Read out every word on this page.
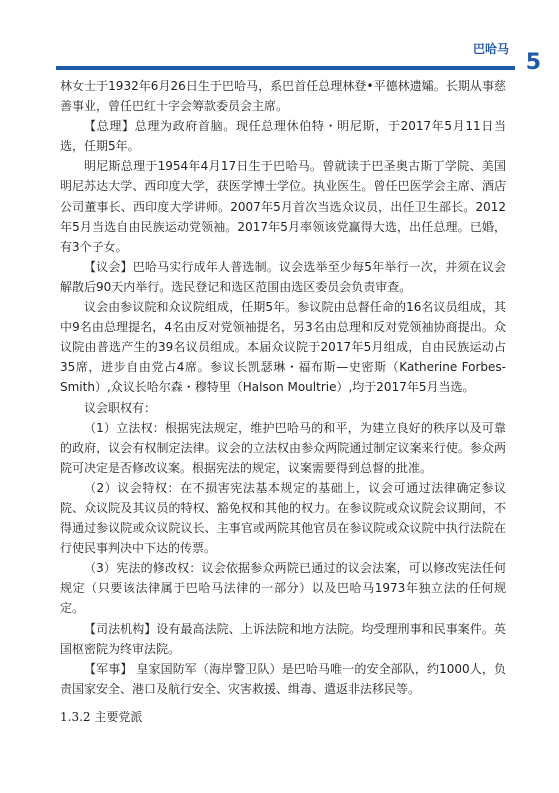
巴哈马
5

林女士于1932年6月26日生于巴哈马，系巴首任总理林登•平德林遗孀。长期从事慈善事业，曾任巴红十字会筹款委员会主席。

【总理】总理为政府首脑。现任总理休伯特・明尼斯，于2017年5月11日当选，任期5年。

明尼斯总理于1954年4月17日生于巴哈马。曾就读于巴圣奥古斯丁学院、美国明尼苏达大学、西印度大学，获医学博士学位。执业医生。曾任巴医学会主席、酒店公司董事长、西印度大学讲师。2007年5月首次当选众议员，出任卫生部长。2012年5月当选自由民族运动党领袖。2017年5月率领该党赢得大选，出任总理。已婚，有3个子女。

【议会】巴哈马实行成年人普选制。议会选举至少每5年举行一次，并须在议会解散后90天内举行。选民登记和选区范围由选区委员会负责审查。

议会由参议院和众议院组成，任期5年。参议院由总督任命的16名议员组成，其中9名由总理提名，4名由反对党领袖提名，另3名由总理和反对党领袖协商提出。众议院由普选产生的39名议员组成。本届众议院于2017年5月组成，自由民族运动占35席，进步自由党占4席。参议长凯瑟琳・福布斯—史密斯（Katherine Forbes-Smith）,众议长哈尔森・穆特里（Halson Moultrie）,均于2017年5月当选。

议会职权有：

（1）立法权：根据宪法规定，维护巴哈马的和平，为建立良好的秩序以及可靠的政府，议会有权制定法律。议会的立法权由参众两院通过制定议案来行使。参众两院可决定是否修改议案。根据宪法的规定，议案需要得到总督的批准。

（2）议会特权：在不损害宪法基本规定的基础上，议会可通过法律确定参议院、众议院及其议员的特权、豁免权和其他的权力。在参议院或众议院会议期间，不得通过参议院或众议院议长、主事官或两院其他官员在参议院或众议院中执行法院在行使民事判决中下达的传票。

（3）宪法的修改权：议会依据参众两院已通过的议会法案，可以修改宪法任何规定（只要该法律属于巴哈马法律的一部分）以及巴哈马1973年独立法的任何规定。

【司法机构】设有最高法院、上诉法院和地方法院。均受理刑事和民事案件。英国枢密院为终审法院。

【军事】 皇家国防军（海岸警卫队）是巴哈马唯一的安全部队，约1000人，负责国家安全、港口及航行安全、灾害救援、缉毒、遣返非法移民等。

1.3.2 主要党派
